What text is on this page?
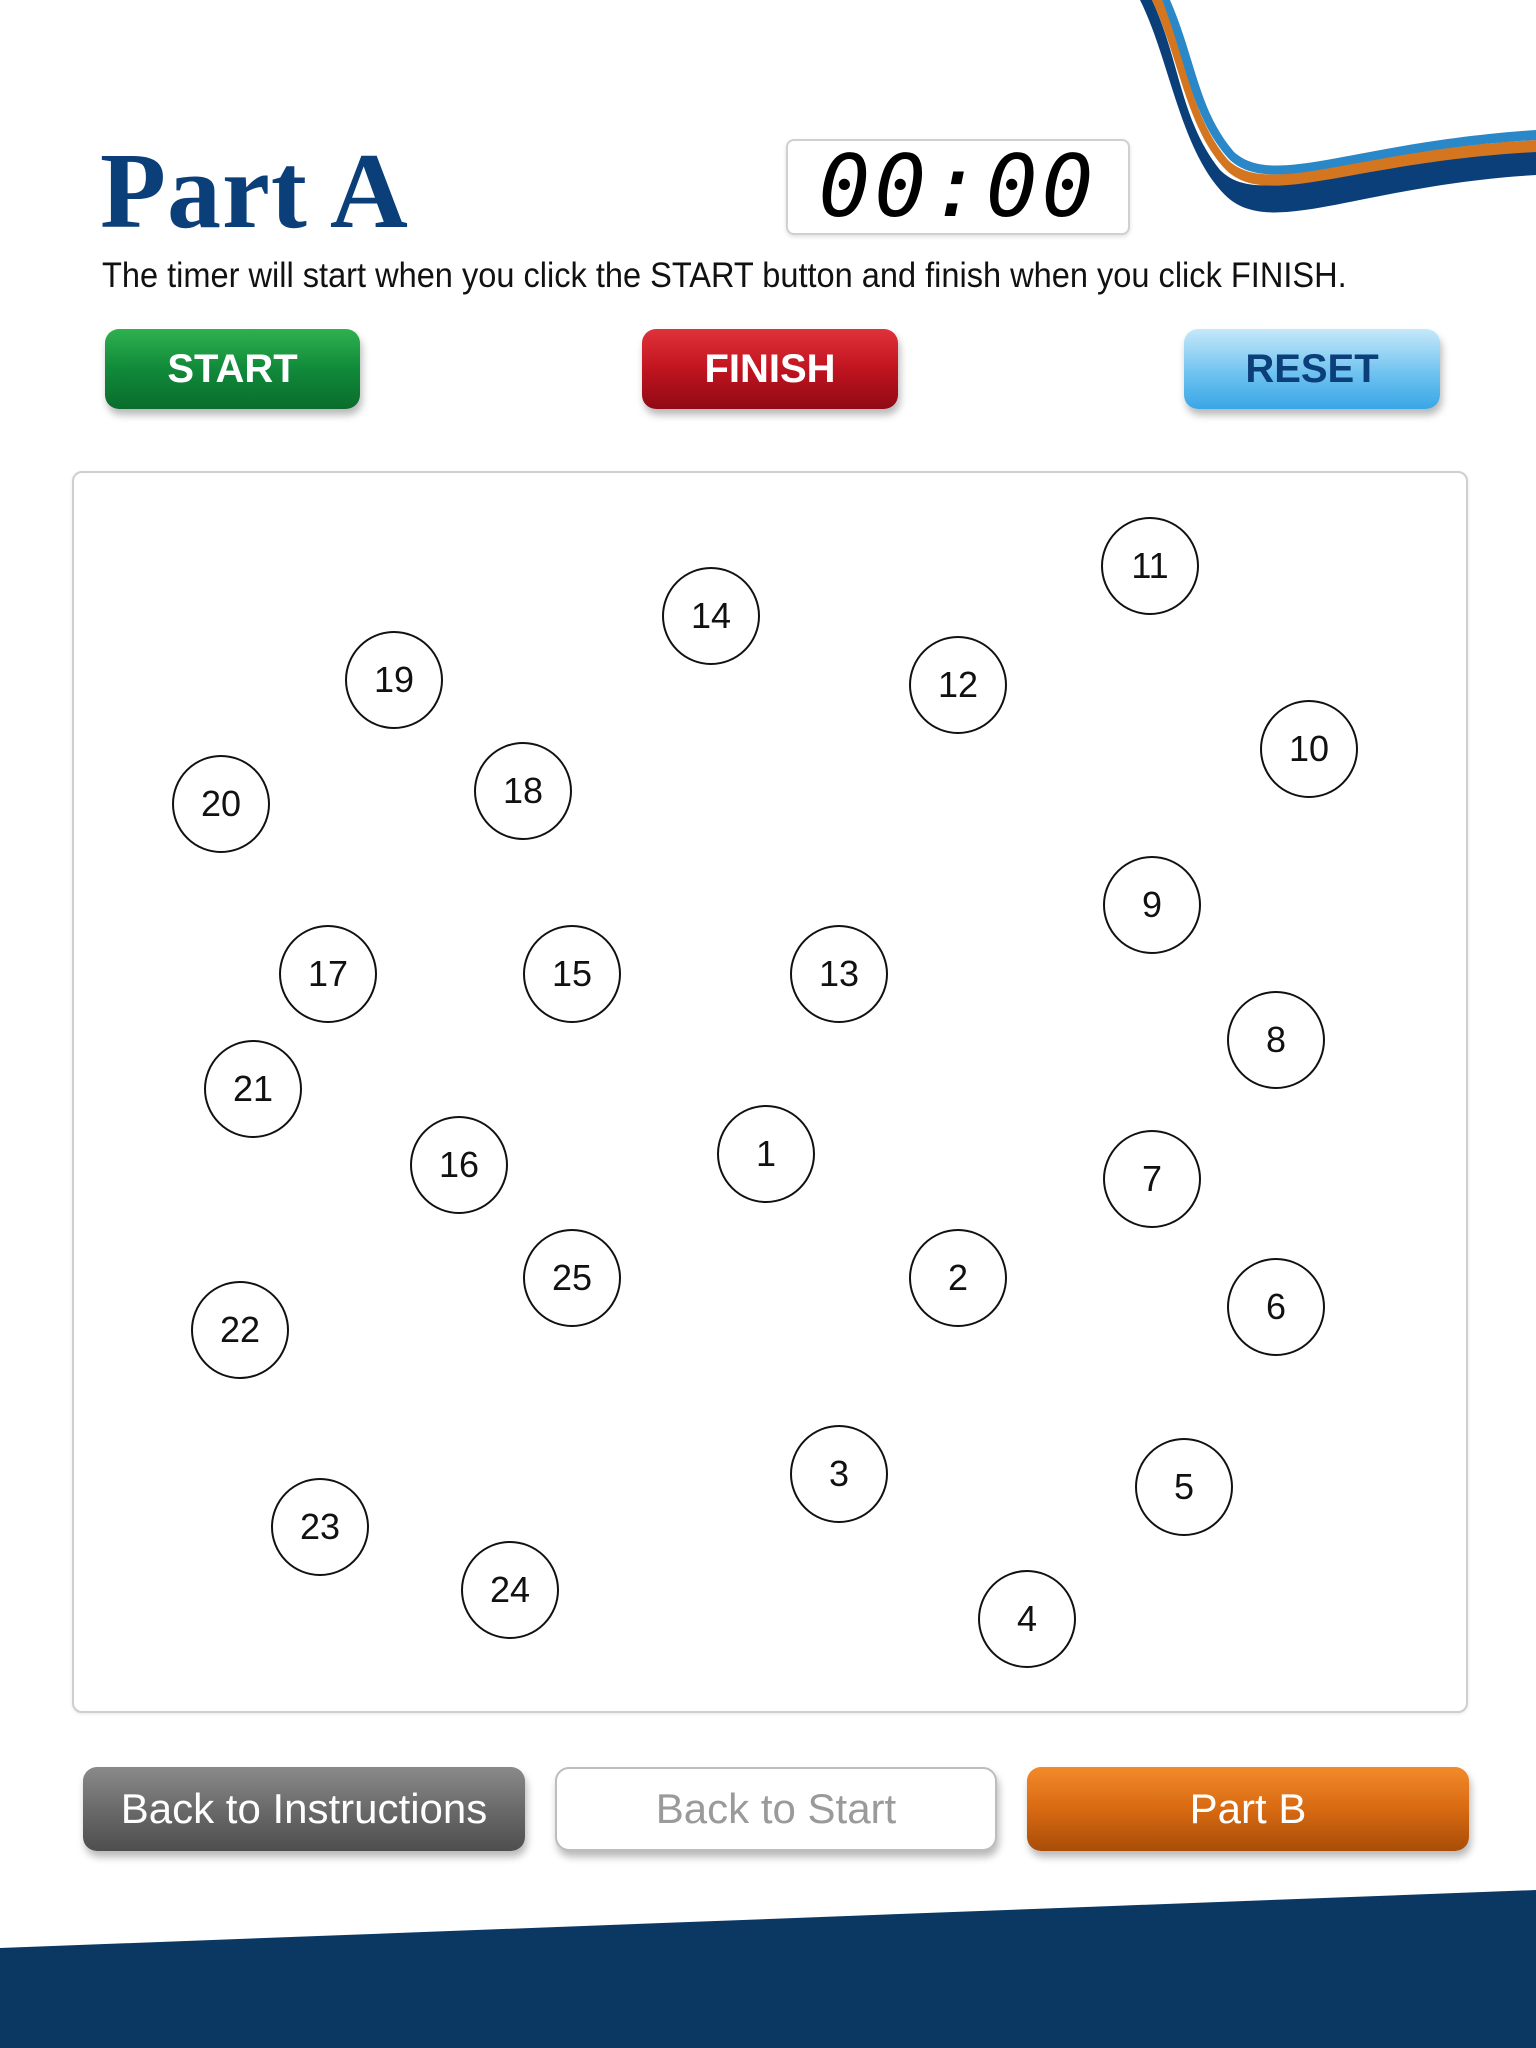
Part A	00:00
The timer will start when you click the START button and finish when you click FINISH.
START	FINISH	RESET
1
2
3
4
5
6
7
8
9
10
11
12
13
14
15
16
17
18
19
20
21
22
23
24
25
Back to Instructions	Back to Start	Part B
